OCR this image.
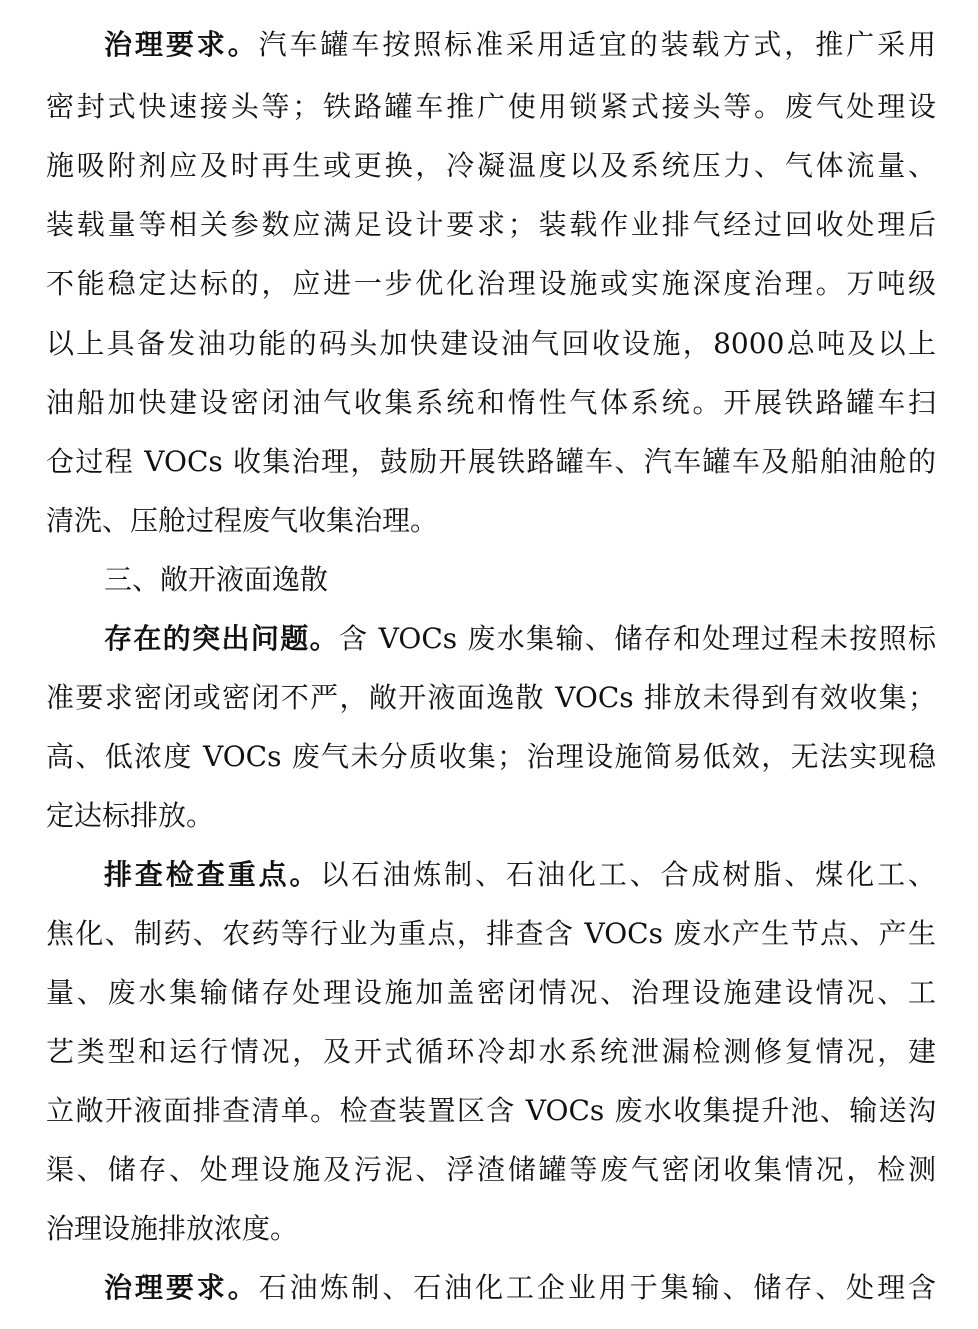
治理要求。汽车罐车按照标准采用适宜的装载方式，推广采用
密封式快速接头等；铁路罐车推广使用锁紧式接头等。废气处理设
施吸附剂应及时再生或更换，冷凝温度以及系统压力、气体流量、
装载量等相关参数应满足设计要求；装载作业排气经过回收处理后
不能稳定达标的，应进一步优化治理设施或实施深度治理。万吨级
以上具备发油功能的码头加快建设油气回收设施，8000总吨及以上
油船加快建设密闭油气收集系统和惰性气体系统。开展铁路罐车扫
仓过程 VOCs 收集治理，鼓励开展铁路罐车、汽车罐车及船舶油舱的
清洗、压舱过程废气收集治理。
三、敞开液面逸散
存在的突出问题。含 VOCs 废水集输、储存和处理过程未按照标
准要求密闭或密闭不严，敞开液面逸散 VOCs 排放未得到有效收集；
高、低浓度 VOCs 废气未分质收集；治理设施简易低效，无法实现稳
定达标排放。
排查检查重点。以石油炼制、石油化工、合成树脂、煤化工、
焦化、制药、农药等行业为重点，排查含 VOCs 废水产生节点、产生
量、废水集输储存处理设施加盖密闭情况、治理设施建设情况、工
艺类型和运行情况，及开式循环冷却水系统泄漏检测修复情况，建
立敞开液面排查清单。检查装置区含 VOCs 废水收集提升池、输送沟
渠、储存、处理设施及污泥、浮渣储罐等废气密闭收集情况，检测
治理设施排放浓度。
治理要求。石油炼制、石油化工企业用于集输、储存、处理含
